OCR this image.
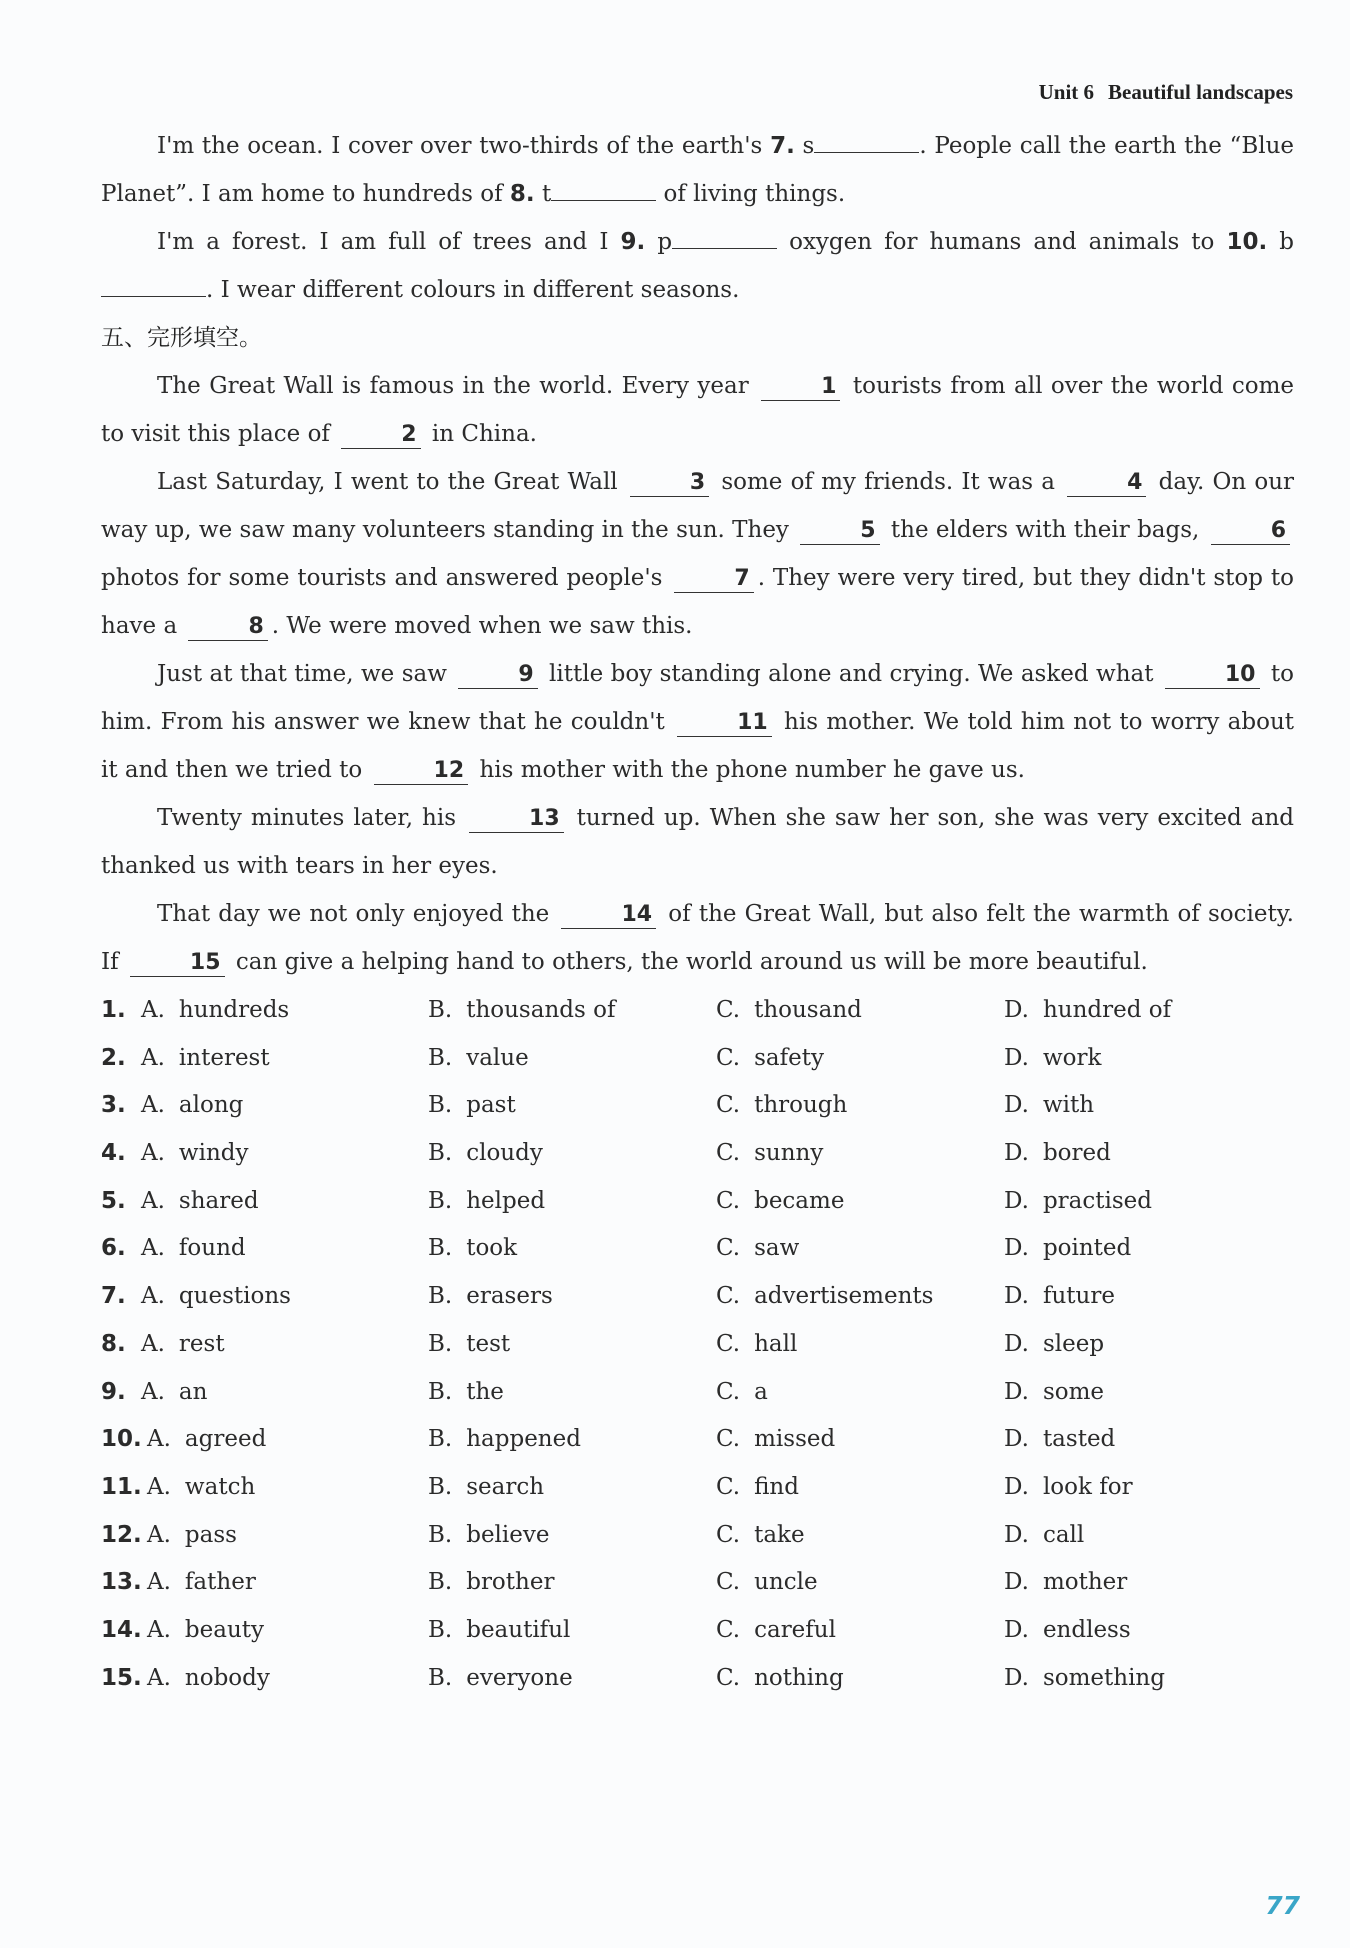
Unit 6 Beautiful landscapes
I'm the ocean. I cover over two-thirds of the earth's 7. s	. People call the earth the “Blue Planet”. I am home to hundreds of 8. t	of living things.
I'm a forest. I am full of trees and I 9. p	oxygen for humans and animals to 10. b. I wear different colours in different seasons.
五、完形填空。
The Great Wall is famous in the world. Every year	1 tourists from all over the world come to visit this place of	2 in China.
Last Saturday, I went to the Great Wall	3 some of my friends. It was a	4 day. On our way up, we saw many volunteers standing in the sun. They	5 the elders with their bags,	6 photos for some tourists and answered people's	7 . They were very tired, but they didn't stop to have a	8 . We were moved when we saw this.
Just at that time, we saw	9 little boy standing alone and crying. We asked what	10 to him. From his answer we knew that he couldn't	11 his mother. We told him not to worry about it and then we tried to	12 his mother with the phone number he gave us.
Twenty minutes later, his	13 turned up. When she saw her son, she was very excited and thanked us with tears in her eyes.
That day we not only enjoyed the	14 of the Great Wall, but also felt the warmth of society. If	15 can give a helping hand to others, the world around us will be more beautiful.
1. A. hundreds	B. thousands of	C. thousand	D. hundred of
2. A. interest	B. value	C. safety	D. work
3. A. along	B. past	C. through	D. with
4. A. windy	B. cloudy	C. sunny	D. bored
5. A. shared	B. helped	C. became	D. practised
6. A. found	B. took	C. saw	D. pointed
7. A. questions	B. erasers	C. advertisements	D. future
8. A. rest	B. test	C. hall	D. sleep
9. A. an	B. the	C. a	D. some
10. A. agreed	B. happened	C. missed	D. tasted
11. A. watch	B. search	C. find	D. look for
12. A. pass	B. believe	C. take	D. call
13. A. father	B. brother	C. uncle	D. mother
14. A. beauty	B. beautiful	C. careful	D. endless
15. A. nobody	B. everyone	C. nothing	D. something
77
